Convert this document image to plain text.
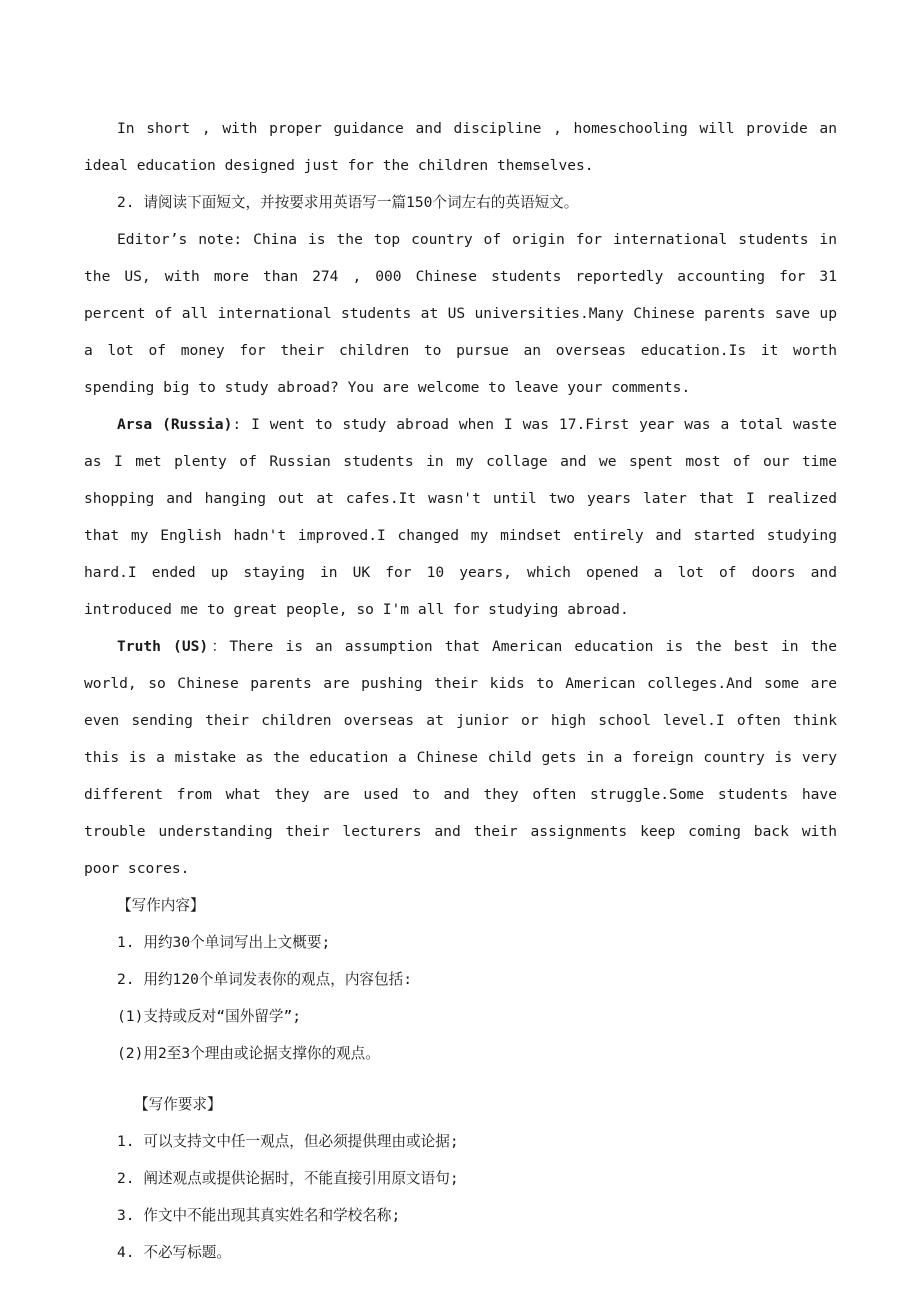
In short , with proper guidance and discipline , homeschooling will provide an ideal education designed just for the children themselves.

2. 请阅读下面短文，并按要求用英语写一篇150个词左右的英语短文。

Editor’s note: China is the top country of origin for international students in the US, with more than 274 , 000 Chinese students reportedly accounting for 31 percent of all international students at US universities.Many Chinese parents save up a lot of money for their children to pursue an overseas education.Is it worth spending big to study abroad? You are welcome to leave your comments.

Arsa (Russia): I went to study abroad when I was 17.First year was a total waste as I met plenty of Russian students in my collage and we spent most of our time shopping and hanging out at cafes.It wasn't until two years later that I realized that my English hadn't improved.I changed my mindset entirely and started studying hard.I ended up staying in UK for 10 years, which opened a lot of doors and introduced me to great people, so I'm all for studying abroad.

Truth (US)：There is an assumption that American education is the best in the world, so Chinese parents are pushing their kids to American colleges.And some are even sending their children overseas at junior or high school level.I often think this is a mistake as the education a Chinese child gets in a foreign country is very different from what they are used to and they often struggle.Some students have trouble understanding their lecturers and their assignments keep coming back with poor scores.

【写作内容】

1. 用约30个单词写出上文概要;

2. 用约120个单词发表你的观点，内容包括:

(1)支持或反对“国外留学”;

(2)用2至3个理由或论据支撑你的观点。

【写作要求】

1. 可以支持文中任一观点，但必须提供理由或论据;

2. 阐述观点或提供论据时，不能直接引用原文语句;

3. 作文中不能出现其真实姓名和学校名称;

4. 不必写标题。
